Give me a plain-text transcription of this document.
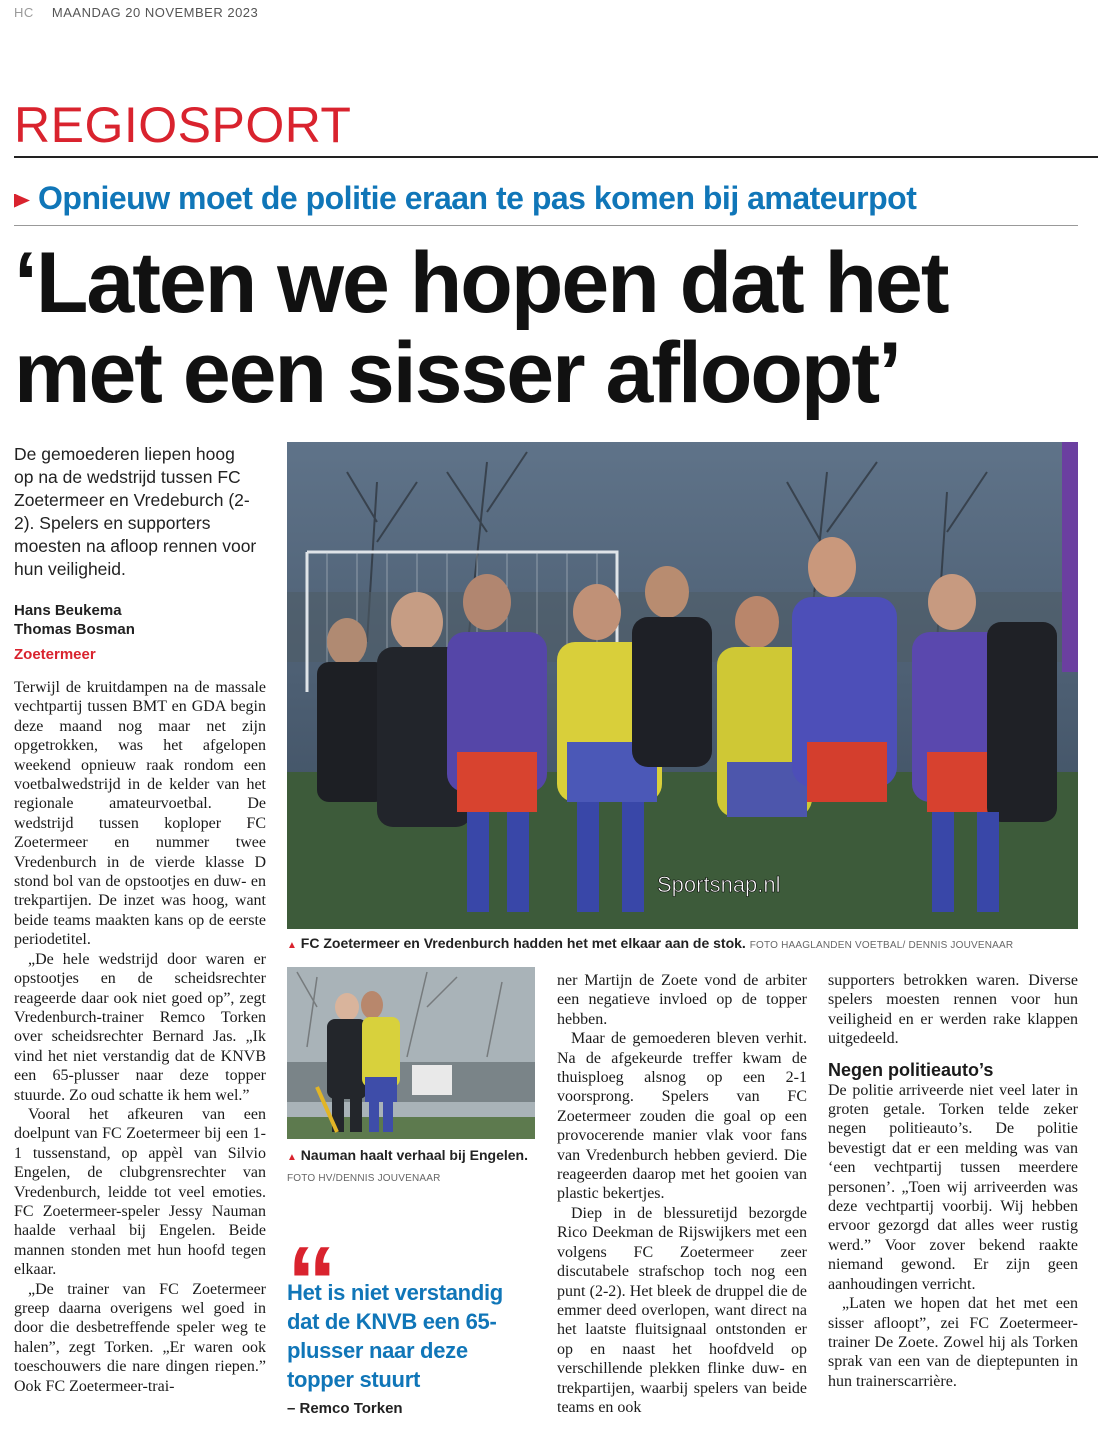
HC MAANDAG 20 NOVEMBER 2023
REGIOSPORT
Opnieuw moet de politie eraan te pas komen bij amateurpot
‘Laten we hopen dat het met een sisser afloopt’
De gemoederen liepen hoog op na de wedstrijd tussen FC Zoetermeer en Vredeburch (2-2). Spelers en supporters moesten na afloop rennen voor hun veiligheid.
Hans Beukema
Thomas Bosman
Zoetermeer

Terwijl de kruitdampen na de massale vechtpartij tussen BMT en GDA begin deze maand nog maar net zijn opgetrokken, was het afgelopen weekend opnieuw raak rondom een voetbalwedstrijd in de kelder van het regionale amateurvoetbal. De wedstrijd tussen koploper FC Zoetermeer en nummer twee Vredenburch in de vierde klasse D stond bol van de opstootjes en duw- en trekpartijen. De inzet was hoog, want beide teams maakten kans op de eerste periodetitel.

„De hele wedstrijd door waren er opstootjes en de scheidsrechter reageerde daar ook niet goed op”, zegt Vredenburch-trainer Remco Torken over scheidsrechter Bernard Jas. „Ik vind het niet verstandig dat de KNVB een 65-plusser naar deze topper stuurde. Zo oud schatte ik hem wel.”

Vooral het afkeuren van een doelpunt van FC Zoetermeer bij een 1-1 tussenstand, op appèl van Silvio Engelen, de clubgrensrechter van Vredenburch, leidde tot veel emoties. FC Zoetermeer-speler Jessy Nauman haalde verhaal bij Engelen. Beide mannen stonden met hun hoofd tegen elkaar.

„De trainer van FC Zoetermeer greep daarna overigens wel goed in door die desbetreffende speler weg te halen”, zegt Torken. „Er waren ook toeschouwers die nare dingen riepen.” Ook FC Zoetermeer-trai-

Sportsnap.nl
▲ FC Zoetermeer en Vredenburch hadden het met elkaar aan de stok. FOTO HAAGLANDEN VOETBAL/ DENNIS JOUVENAAR
▲ Nauman haalt verhaal bij Engelen. FOTO HV/DENNIS JOUVENAAR
“
Het is niet verstandig dat de KNVB een 65-plusser naar deze topper stuurt
– Remco Torken

ner Martijn de Zoete vond de arbiter een negatieve invloed op de topper hebben.

Maar de gemoederen bleven verhit. Na de afgekeurde treffer kwam de thuisploeg alsnog op een 2-1 voorsprong. Spelers van FC Zoetermeer zouden die goal op een provocerende manier vlak voor fans van Vredenburch hebben gevierd. Die reageerden daarop met het gooien van plastic bekertjes.

Diep in de blessuretijd bezorgde Rico Deekman de Rijswijkers met een volgens FC Zoetermeer zeer discutabele strafschop toch nog een punt (2-2). Het bleek de druppel die de emmer deed overlopen, want direct na het laatste fluitsignaal ontstonden er op en naast het hoofdveld op verschillende plekken flinke duw- en trekpartijen, waarbij spelers van beide teams en ook

supporters betrokken waren. Diverse spelers moesten rennen voor hun veiligheid en er werden rake klappen uitgedeeld.

Negen politieauto’s

De politie arriveerde niet veel later in groten getale. Torken telde zeker negen politieauto’s. De politie bevestigt dat er een melding was van ‘een vechtpartij tussen meerdere personen’. „Toen wij arriveerden was deze vechtpartij voorbij. Wij hebben ervoor gezorgd dat alles weer rustig werd.” Voor zover bekend raakte niemand gewond. Er zijn geen aanhoudingen verricht.

„Laten we hopen dat het met een sisser afloopt”, zei FC Zoetermeer-trainer De Zoete. Zowel hij als Torken sprak van een van de dieptepunten in hun trainerscarrière.
